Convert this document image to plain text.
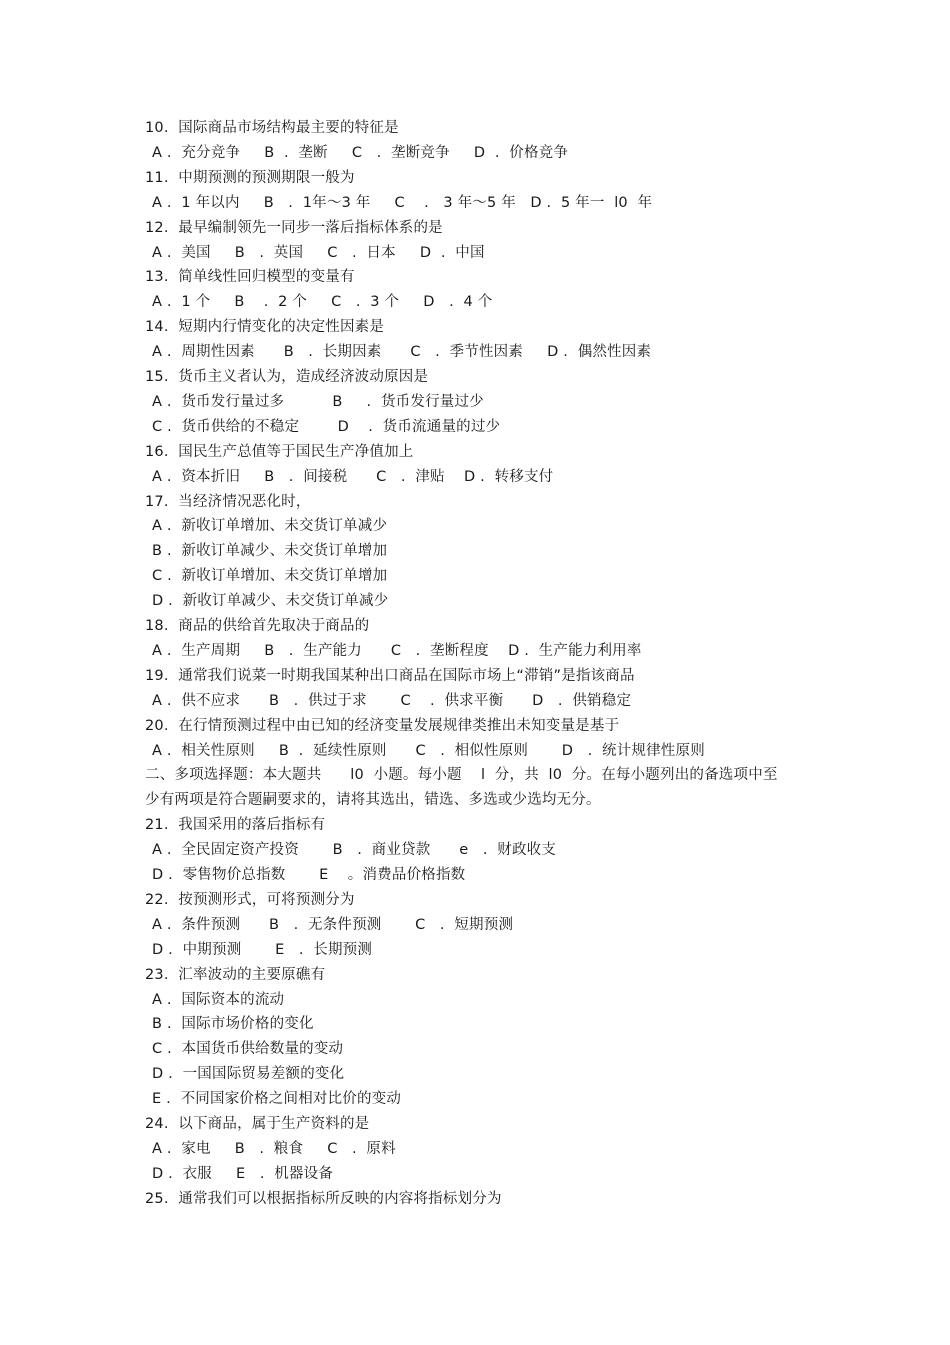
10.  国际商品市场结构最主要的特征是
A .  充分竞争     B  .  垄断     C   .  垄断竞争     D  .  价格竞争
11.  中期预测的预测期限一般为
A .  1 年以内     B   .  1年～3 年     C    .   3 年～5 年   D .  5 年一  l0  年
12.  最早编制领先一同步一落后指标体系的是
A .  美国     B   .  英国     C   .  日本     D  .  中国
13.  简单线性回归模型的变量有
A .  1 个     B    .  2 个     C   .  3 个     D   .  4 个
14.  短期内行情变化的决定性因素是
A .  周期性因素      B   .  长期因素      C   .  季节性因素     D .  偶然性因素
15.  货币主义者认为，造成经济波动原因是
A .  货币发行量过多          B     .  货币发行量过少
C .  货币供给的不稳定        D    .  货币流通量的过少
16.  国民生产总值等于国民生产净值加上
A .  资本折旧     B   .  间接税      C   .  津贴    D .  转移支付
17.  当经济情况恶化时，
A .  新收订单增加、未交货订单减少
B .  新收订单减少、未交货订单增加
C .  新收订单增加、未交货订单增加
D .  新收订单减少、未交货订单减少
18.  商品的供给首先取决于商品的
A .  生产周期     B   .  生产能力      C   .  垄断程度    D .  生产能力利用率
19.  通常我们说菜一时期我国某种出口商品在国际市场上“滞销”是指该商品
A .  供不应求      B   .  供过于求       C    .  供求平衡      D   .  供销稳定
20.  在行情预测过程中由已知的经济变量发展规律类推出未知变量是基于
A .  相关性原则     B  .  延续性原则      C   .  相似性原则       D   .  统计规律性原则
二、多项选择题：本大题共      l0  小题。每小题    l  分，共  l0  分。在每小题列出的备选项中至
少有两项是符合题嗣要求的，请将其选出，错选、多选或少选均无分。
21.  我国采用的落后指标有
A .  全民固定资产投资       B   .  商业贷款      e   .  财政收支
D .  零售物价总指数       E    。消费品价格指数
22.  按预测形式，可将预测分为
A .  条件预测      B   .  无条件预测       C   .  短期预测
D .  中期预测       E   .  长期预测
23.  汇率波动的主要原礁有
A .  国际资本的流动
B .  国际市场价格的变化
C .  本国货币供给数量的变动
D .  一国国际贸易差额的变化
E .  不同国家价格之间相对比价的变动
24.  以下商品，属于生产资料的是
A .  家电     B   .  粮食     C   .  原料
D .  衣服     E   .  机器设备
25.  通常我们可以根据指标所反映的内容将指标划分为
